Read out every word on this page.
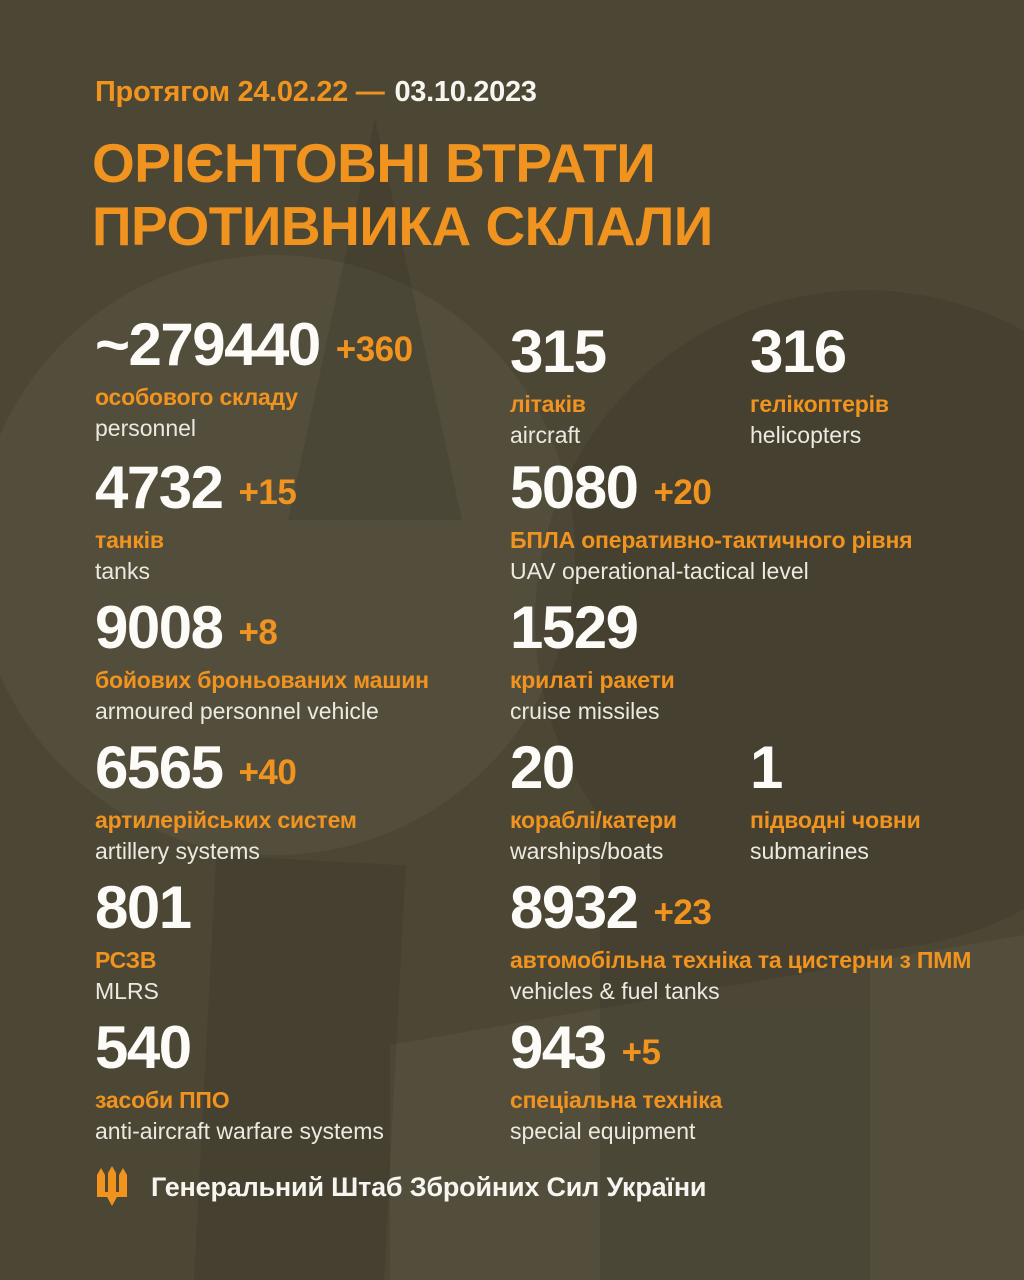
Протягом 24.02.22 — 03.10.2023
ОРІЄНТОВНІ ВТРАТИ
ПРОТИВНИКА СКЛАЛИ
Генеральний Штаб Збройних Сил України
~279440 +360
особового складу
personnel
315
літаків
aircraft
316
гелікоптерів
helicopters
4732 +15
танків
tanks
5080 +20
БПЛА оперативно-тактичного рівня
UAV operational-tactical level
9008 +8
бойових броньованих машин
armoured personnel vehicle
1529
крилаті ракети
cruise missiles
6565 +40
артилерійських систем
artillery systems
20
кораблі/катери
warships/boats
1
підводні човни
submarines
801
РСЗВ
MLRS
8932 +23
автомобільна техніка та цистерни з ПММ
vehicles & fuel tanks
540
засоби ППО
anti-aircraft warfare systems
943 +5
спеціальна техніка
special equipment
